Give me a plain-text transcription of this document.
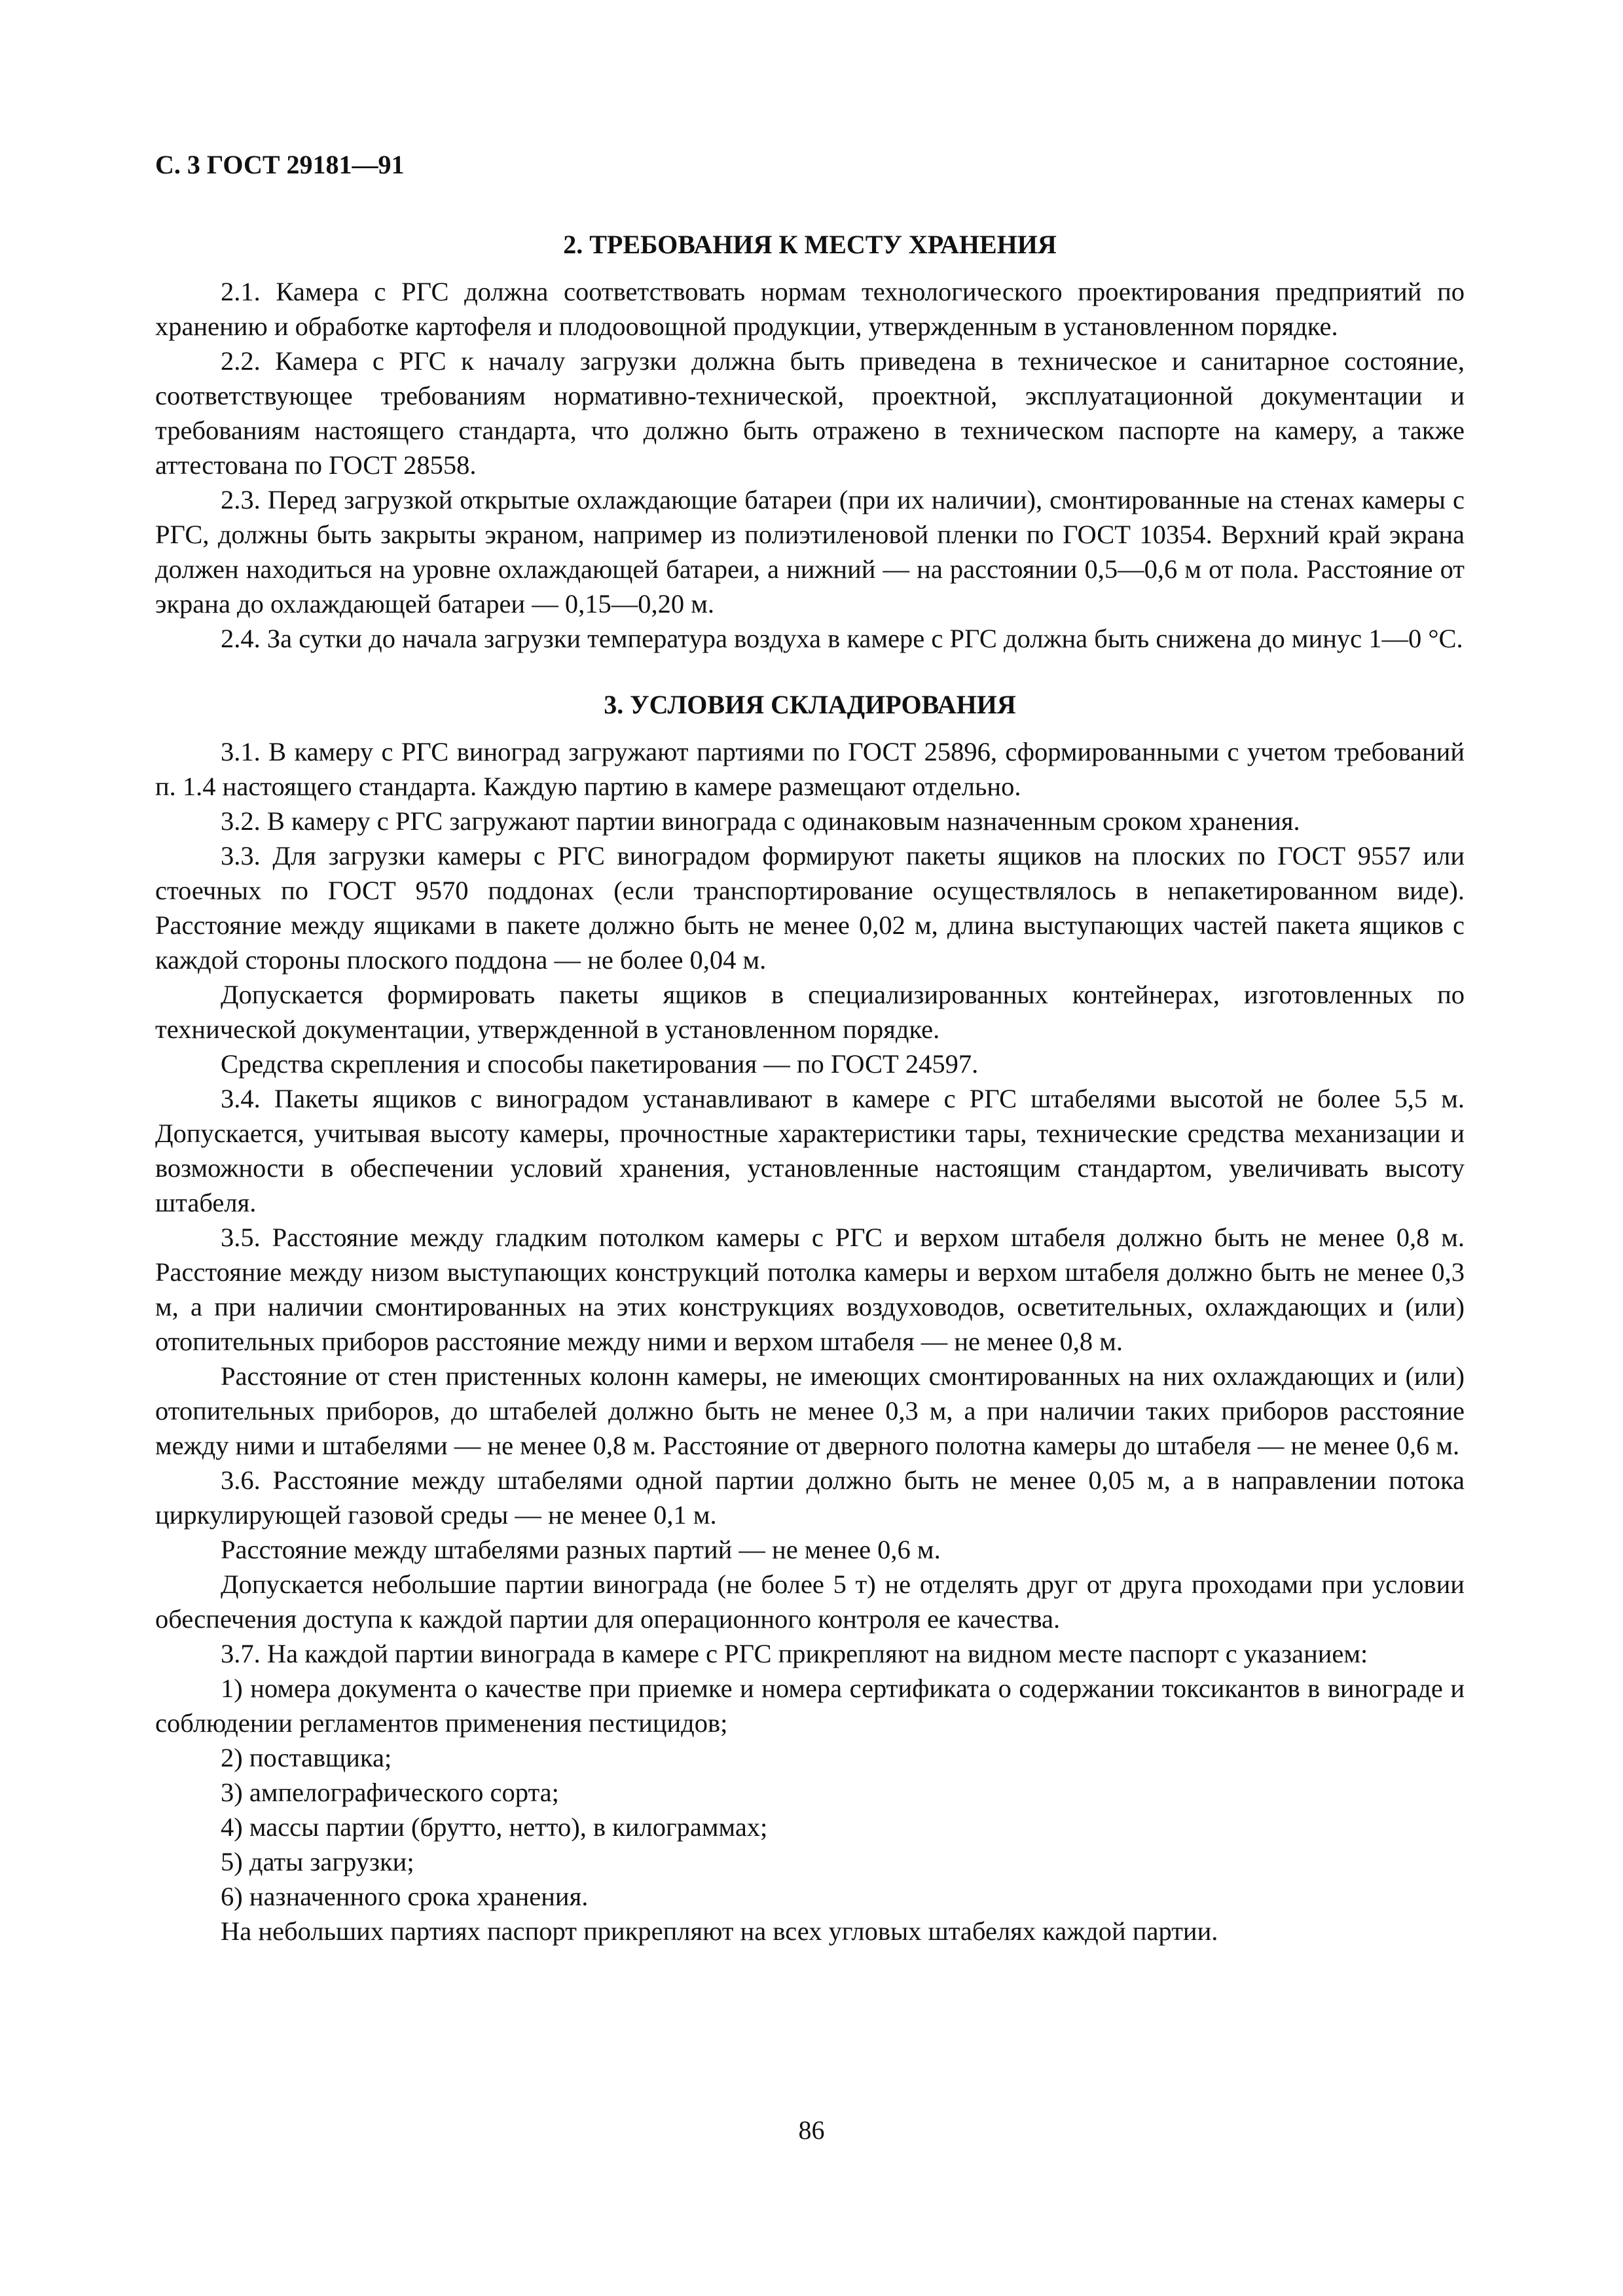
С. 3 ГОСТ 29181—91
2. ТРЕБОВАНИЯ К МЕСТУ ХРАНЕНИЯ

2.1. Камера с РГС должна соответствовать нормам технологического проектирования предприятий по хранению и обработке картофеля и плодоовощной продукции, утвержденным в установленном порядке.

2.2. Камера с РГС к началу загрузки должна быть приведена в техническое и санитарное состояние, соответствующее требованиям нормативно-технической, проектной, эксплуатационной документации и требованиям настоящего стандарта, что должно быть отражено в техническом паспорте на камеру, а также аттестована по ГОСТ 28558.

2.3. Перед загрузкой открытые охлаждающие батареи (при их наличии), смонтированные на стенах камеры с РГС, должны быть закрыты экраном, например из полиэтиленовой пленки по ГОСТ 10354. Верхний край экрана должен находиться на уровне охлаждающей батареи, а нижний — на расстоянии 0,5—0,6 м от пола. Расстояние от экрана до охлаждающей батареи — 0,15—0,20 м.

2.4. За сутки до начала загрузки температура воздуха в камере с РГС должна быть снижена до минус 1—0 °С.

3. УСЛОВИЯ СКЛАДИРОВАНИЯ

3.1. В камеру с РГС виноград загружают партиями по ГОСТ 25896, сформированными с учетом требований п. 1.4 настоящего стандарта. Каждую партию в камере размещают отдельно.

3.2. В камеру с РГС загружают партии винограда с одинаковым назначенным сроком хранения.

3.3. Для загрузки камеры с РГС виноградом формируют пакеты ящиков на плоских по ГОСТ 9557 или стоечных по ГОСТ 9570 поддонах (если транспортирование осуществлялось в непакетированном виде). Расстояние между ящиками в пакете должно быть не менее 0,02 м, длина выступающих частей пакета ящиков с каждой стороны плоского поддона — не более 0,04 м.

Допускается формировать пакеты ящиков в специализированных контейнерах, изготовленных по технической документации, утвержденной в установленном порядке.

Средства скрепления и способы пакетирования — по ГОСТ 24597.

3.4. Пакеты ящиков с виноградом устанавливают в камере с РГС штабелями высотой не более 5,5 м. Допускается, учитывая высоту камеры, прочностные характеристики тары, технические средства механизации и возможности в обеспечении условий хранения, установленные настоящим стандартом, увеличивать высоту штабеля.

3.5. Расстояние между гладким потолком камеры с РГС и верхом штабеля должно быть не менее 0,8 м. Расстояние между низом выступающих конструкций потолка камеры и верхом штабеля должно быть не менее 0,3 м, а при наличии смонтированных на этих конструкциях воздуховодов, осветительных, охлаждающих и (или) отопительных приборов расстояние между ними и верхом штабеля — не менее 0,8 м.

Расстояние от стен пристенных колонн камеры, не имеющих смонтированных на них охлаждающих и (или) отопительных приборов, до штабелей должно быть не менее 0,3 м, а при наличии таких приборов расстояние между ними и штабелями — не менее 0,8 м. Расстояние от дверного полотна камеры до штабеля — не менее 0,6 м.

3.6. Расстояние между штабелями одной партии должно быть не менее 0,05 м, а в направлении потока циркулирующей газовой среды — не менее 0,1 м.

Расстояние между штабелями разных партий — не менее 0,6 м.

Допускается небольшие партии винограда (не более 5 т) не отделять друг от друга проходами при условии обеспечения доступа к каждой партии для операционного контроля ее качества.

3.7. На каждой партии винограда в камере с РГС прикрепляют на видном месте паспорт с указанием:

1) номера документа о качестве при приемке и номера сертификата о содержании токсикантов в винограде и соблюдении регламентов применения пестицидов;

2) поставщика;

3) ампелографического сорта;

4) массы партии (брутто, нетто), в килограммах;

5) даты загрузки;

6) назначенного срока хранения.

На небольших партиях паспорт прикрепляют на всех угловых штабелях каждой партии.

86
